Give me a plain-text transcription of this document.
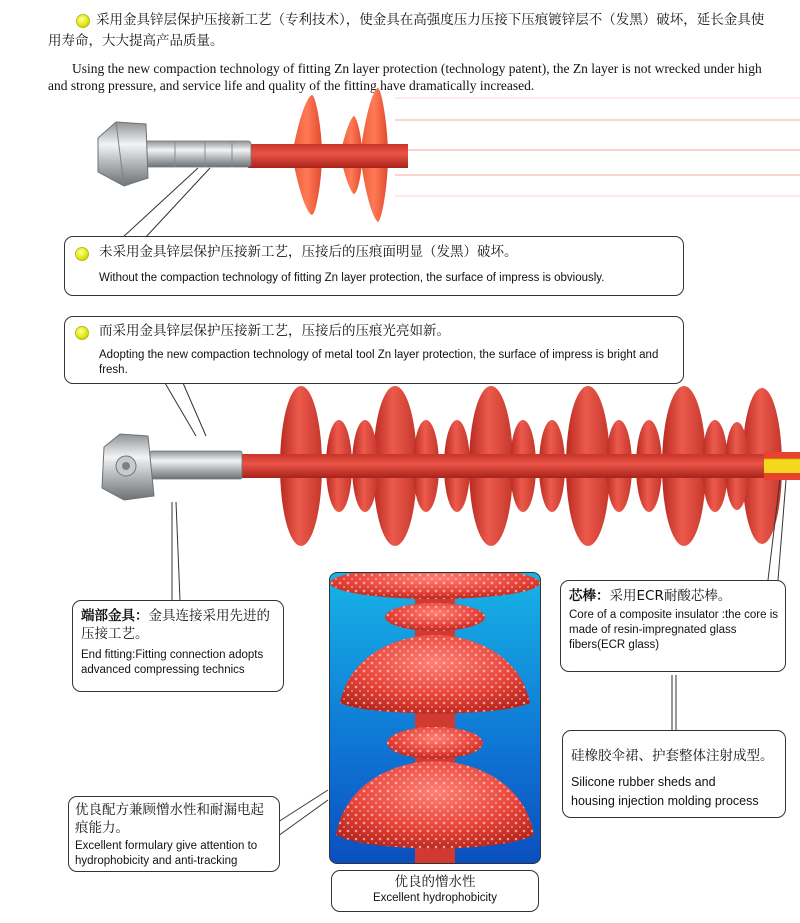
采用金具锌层保护压接新工艺（专利技术），使金具在高强度压力压接下压痕镀锌层不（发黑）破坏，延长金具使用寿命，大大提高产品质量。
Using the new compaction technology of fitting Zn layer protection (technology patent), the Zn layer is not wrecked under high and strong pressure, and service life and quality of the fitting have dramatically increased.
未采用金具锌层保护压接新工艺，压接后的压痕面明显（发黑）破坏。
Without the compaction technology of fitting Zn layer protection, the surface of impress is obviously.
而采用金具锌层保护压接新工艺，压接后的压痕光亮如新。
Adopting the new compaction technology of metal tool Zn layer protection, the surface of impress is bright and fresh.
端部金具：金具连接采用先进的压接工艺。
End fitting:Fitting connection adopts advanced compressing technics
芯棒：采用ECR耐酸芯棒。
Core of a composite insulator :the core is made of resin-impregnated glass fibers(ECR glass)
硅橡胶伞裙、护套整体注射成型。
Silicone rubber sheds and housing injection molding process
优良配方兼顾憎水性和耐漏电起痕能力。
Excellent formulary give attention to hydrophobicity and anti-tracking
优良的憎水性
Excellent hydrophobicity
